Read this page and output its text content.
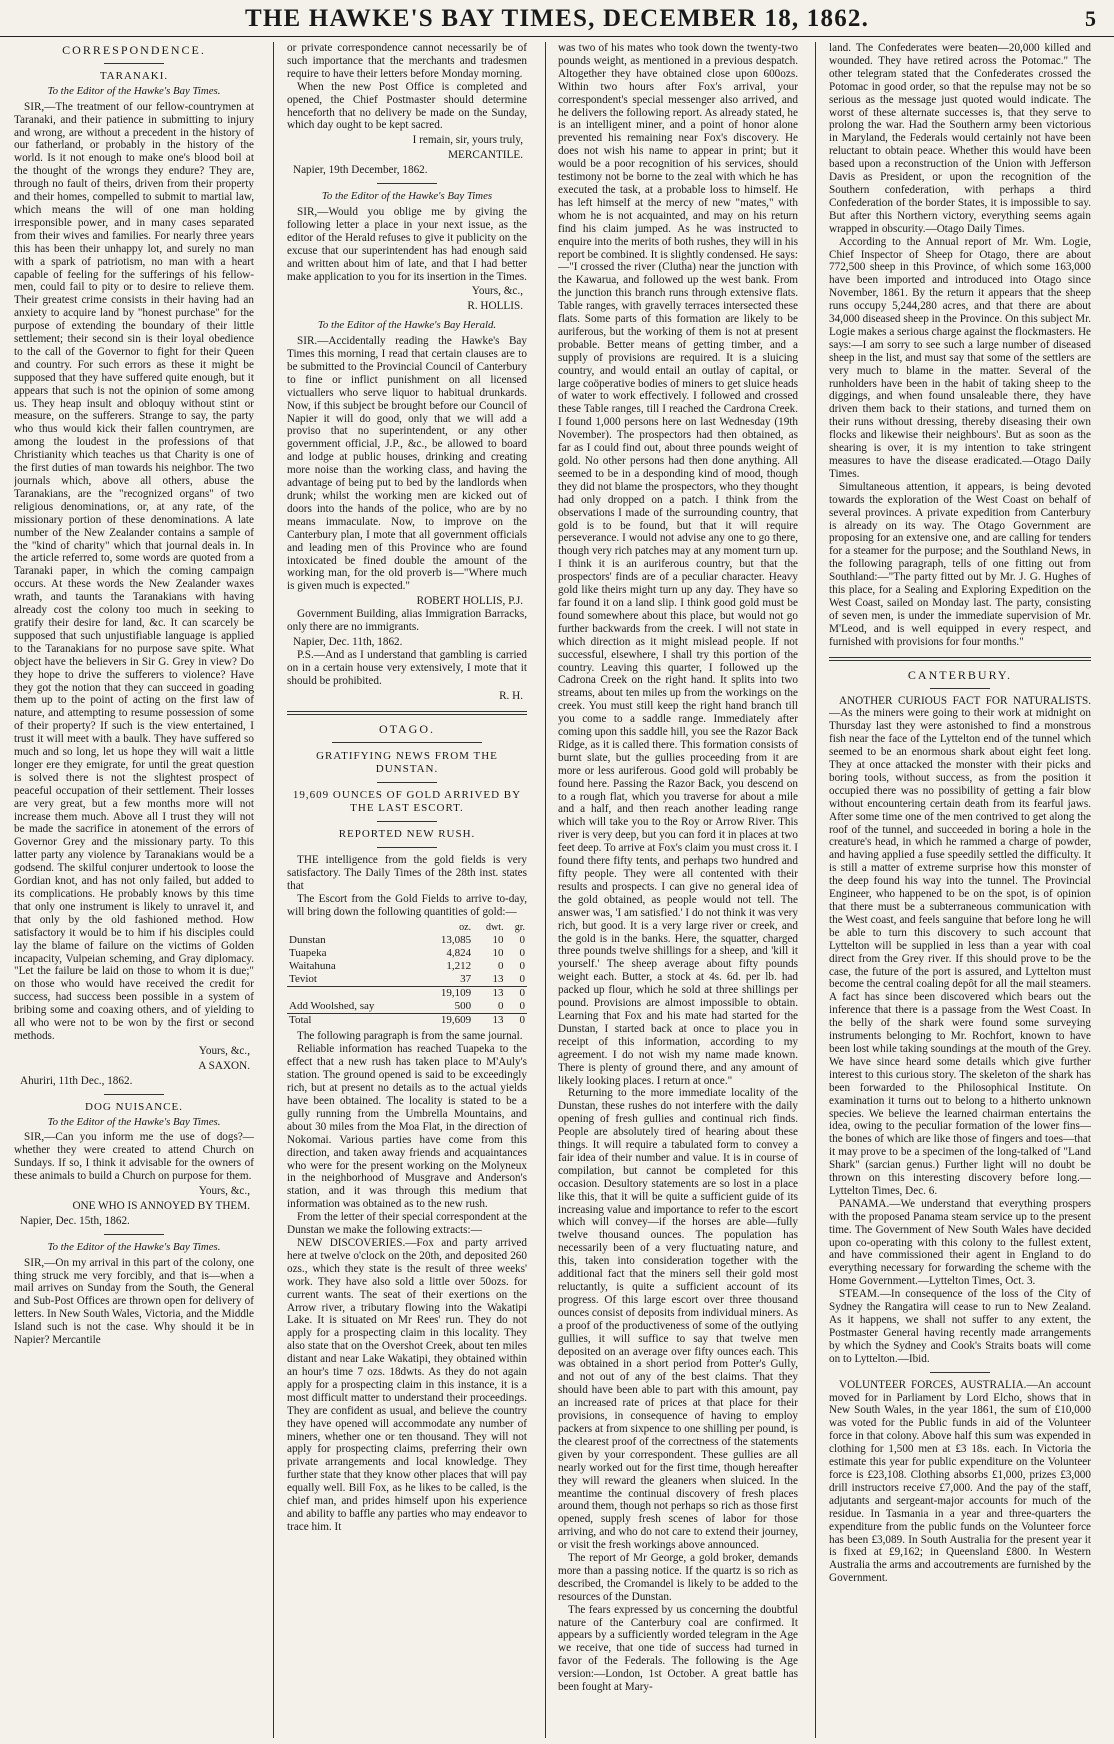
THE HAWKE'S BAY TIMES, DECEMBER 18, 1862.	5
CORRESPONDENCE.
TARANAKI.
To the Editor of the Hawke's Bay Times.

SIR,—The treatment of our fellow-countrymen at Taranaki, and their patience in submitting to injury and wrong, are without a precedent in the history of our fatherland, or probably in the history of the world. Is it not enough to make one's blood boil at the thought of the wrongs they endure? They are, through no fault of theirs, driven from their property and their homes, compelled to submit to martial law, which means the will of one man holding irresponsible power, and in many cases separated from their wives and families. For nearly three years this has been their unhappy lot, and surely no man with a spark of patriotism, no man with a heart capable of feeling for the sufferings of his fellow-men, could fail to pity or to desire to relieve them. Their greatest crime consists in their having had an anxiety to acquire land by "honest purchase" for the purpose of extending the boundary of their little settlement; their second sin is their loyal obedience to the call of the Governor to fight for their Queen and country. For such errors as these it might be supposed that they have suffered quite enough, but it appears that such is not the opinion of some among us. They heap insult and obloquy without stint or measure, on the sufferers. Strange to say, the party who thus would kick their fallen countrymen, are among the loudest in the professions of that Christianity which teaches us that Charity is one of the first duties of man towards his neighbor. The two journals which, above all others, abuse the Taranakians, are the "recognized organs" of two religious denominations, or, at any rate, of the missionary portion of these denominations. A late number of the New Zealander contains a sample of the "kind of charity" which that journal deals in. In the article referred to, some words are quoted from a Taranaki paper, in which the coming campaign occurs. At these words the New Zealander waxes wrath, and taunts the Taranakians with having already cost the colony too much in seeking to gratify their desire for land, &c. It can scarcely be supposed that such unjustifiable language is applied to the Taranakians for no purpose save spite. What object have the believers in Sir G. Grey in view? Do they hope to drive the sufferers to violence? Have they got the notion that they can succeed in goading them up to the point of acting on the first law of nature, and attempting to resume possession of some of their property? If such is the view entertained, I trust it will meet with a baulk. They have suffered so much and so long, let us hope they will wait a little longer ere they emigrate, for until the great question is solved there is not the slightest prospect of peaceful occupation of their settlement. Their losses are very great, but a few months more will not increase them much. Above all I trust they will not be made the sacrifice in atonement of the errors of Governor Grey and the missionary party. To this latter party any violence by Taranakians would be a godsend. The skilful conjurer undertook to loose the Gordian knot, and has not only failed, but added to its complications. He probably knows by this time that only one instrument is likely to unravel it, and that only by the old fashioned method. How satisfactory it would be to him if his disciples could lay the blame of failure on the victims of Golden incapacity, Vulpeian scheming, and Gray diplomacy. "Let the failure be laid on those to whom it is due;" on those who would have received the credit for success, had success been possible in a system of bribing some and coaxing others, and of yielding to all who were not to be won by the first or second methods.

Yours, &c.,
A SAXON.
Ahuriri, 11th Dec., 1862.
DOG NUISANCE.
To the Editor of the Hawke's Bay Times.

SIR,—Can you inform me the use of dogs?—whether they were created to attend Church on Sundays. If so, I think it advisable for the owners of these animals to build a Church on purpose for them.

Yours, &c.,
ONE WHO IS ANNOYED BY THEM.
Napier, Dec. 15th, 1862.
To the Editor of the Hawke's Bay Times.

SIR,—On my arrival in this part of the colony, one thing struck me very forcibly, and that is—when a mail arrives on Sunday from the South, the General and Sub-Post Offices are thrown open for delivery of letters. In New South Wales, Victoria, and the Middle Island such is not the case. Why should it be in Napier? Mercantile

or private correspondence cannot necessarily be of such importance that the merchants and tradesmen require to have their letters before Monday morning.

When the new Post Office is completed and opened, the Chief Postmaster should determine henceforth that no delivery be made on the Sunday, which day ought to be kept sacred.

I remain, sir, yours truly,
MERCANTILE.
Napier, 19th December, 1862.
To the Editor of the Hawke's Bay Times

SIR,—Would you oblige me by giving the following letter a place in your next issue, as the editor of the Herald refuses to give it publicity on the excuse that our superintendent has had enough said and written about him of late, and that I had better make application to you for its insertion in the Times.

Yours, &c.,
R. HOLLIS.
To the Editor of the Hawke's Bay Herald.

SIR.—Accidentally reading the Hawke's Bay Times this morning, I read that certain clauses are to be submitted to the Provincial Council of Canterbury to fine or inflict punishment on all licensed victuallers who serve liquor to habitual drunkards. Now, if this subject be brought before our Council of Napier it will do good, only that we will add a proviso that no superintendent, or any other government official, J.P., &c., be allowed to board and lodge at public houses, drinking and creating more noise than the working class, and having the advantage of being put to bed by the landlords when drunk; whilst the working men are kicked out of doors into the hands of the police, who are by no means immaculate. Now, to improve on the Canterbury plan, I mote that all government officials and leading men of this Province who are found intoxicated be fined double the amount of the working man, for the old proverb is—"Where much is given much is expected."

ROBERT HOLLIS, P.J.

Government Building, alias Immigration Barracks, only there are no immigrants.

Napier, Dec. 11th, 1862.

P.S.—And as I understand that gambling is carried on in a certain house very extensively, I mote that it should be prohibited.

R. H.
OTAGO.
GRATIFYING NEWS FROM THE DUNSTAN.
19,609 OUNCES OF GOLD ARRIVED BY THE LAST ESCORT.
REPORTED NEW RUSH.

THE intelligence from the gold fields is very satisfactory. The Daily Times of the 28th inst. states that

The Escort from the Gold Fields to arrive to-day, will bring down the following quantities of gold:—

	oz.	dwt.	gr.
Dunstan	13,085	10	0
Tuapeka	4,824	10	0
Waitahuna	1,212	0	0
Teviot	37	13	0
	19,109	13	0
Add Woolshed, say	500	0	0
Total	19,609	13	0

The following paragraph is from the same journal.

Reliable information has reached Tuapeka to the effect that a new rush has taken place to M'Auly's station. The ground opened is said to be exceedingly rich, but at present no details as to the actual yields have been obtained. The locality is stated to be a gully running from the Umbrella Mountains, and about 30 miles from the Moa Flat, in the direction of Nokomai. Various parties have come from this direction, and taken away friends and acquaintances who were for the present working on the Molyneux in the neighborhood of Musgrave and Anderson's station, and it was through this medium that information was obtained as to the new rush.

From the letter of their special correspondent at the Dunstan we make the following extracts:—

NEW DISCOVERIES.—Fox and party arrived here at twelve o'clock on the 20th, and deposited 260 ozs., which they state is the result of three weeks' work. They have also sold a little over 50ozs. for current wants. The seat of their exertions on the Arrow river, a tributary flowing into the Wakatipi Lake. It is situated on Mr Rees' run. They do not apply for a prospecting claim in this locality. They also state that on the Overshot Creek, about ten miles distant and near Lake Wakatipi, they obtained within an hour's time 7 ozs. 18dwts. As they do not again apply for a prospecting claim in this instance, it is a most difficult matter to understand their proceedings. They are confident as usual, and believe the country they have opened will accommodate any number of miners, whether one or ten thousand. They will not apply for prospecting claims, preferring their own private arrangements and local knowledge. They further state that they know other places that will pay equally well. Bill Fox, as he likes to be called, is the chief man, and prides himself upon his experience and ability to baffle any parties who may endeavor to trace him. It

was two of his mates who took down the twenty-two pounds weight, as mentioned in a previous despatch. Altogether they have obtained close upon 600ozs. Within two hours after Fox's arrival, your correspondent's special messenger also arrived, and he delivers the following report. As already stated, he is an intelligent miner, and a point of honor alone prevented his remaining near Fox's discovery. He does not wish his name to appear in print; but it would be a poor recognition of his services, should testimony not be borne to the zeal with which he has executed the task, at a probable loss to himself. He has left himself at the mercy of new "mates," with whom he is not acquainted, and may on his return find his claim jumped. As he was instructed to enquire into the merits of both rushes, they will in his report be combined. It is slightly condensed. He says:—"I crossed the river (Clutha) near the junction with the Kawarua, and followed up the west bank. From the junction this branch runs through extensive flats. Table ranges, with gravelly terraces intersected these flats. Some parts of this formation are likely to be auriferous, but the working of them is not at present probable. Better means of getting timber, and a supply of provisions are required. It is a sluicing country, and would entail an outlay of capital, or large coöperative bodies of miners to get sluice heads of water to work effectively. I followed and crossed these Table ranges, till I reached the Cardrona Creek. I found 1,000 persons here on last Wednesday (19th November). The prospectors had then obtained, as far as I could find out, about three pounds weight of gold. No other persons had then done anything. All seemed to be in a desponding kind of mood, though they did not blame the prospectors, who they thought had only dropped on a patch. I think from the observations I made of the surrounding country, that gold is to be found, but that it will require perseverance. I would not advise any one to go there, though very rich patches may at any moment turn up. I think it is an auriferous country, but that the prospectors' finds are of a peculiar character. Heavy gold like theirs might turn up any day. They have so far found it on a land slip. I think good gold must be found somewhere about this place, but would not go further backwards from the creek. I will not state in which direction as it might mislead people. If not successful, elsewhere, I shall try this portion of the country. Leaving this quarter, I followed up the Cadrona Creek on the right hand. It splits into two streams, about ten miles up from the workings on the creek. You must still keep the right hand branch till you come to a saddle range. Immediately after coming upon this saddle hill, you see the Razor Back Ridge, as it is called there. This formation consists of burnt slate, but the gullies proceeding from it are more or less auriferous. Good gold will probably be found here. Passing the Razor Back, you descend on to a rough flat, which you traverse for about a mile and a half, and then reach another leading range which will take you to the Roy or Arrow River. This river is very deep, but you can ford it in places at two feet deep. To arrive at Fox's claim you must cross it. I found there fifty tents, and perhaps two hundred and fifty people. They were all contented with their results and prospects. I can give no general idea of the gold obtained, as people would not tell. The answer was, 'I am satisfied.' I do not think it was very rich, but good. It is a very large river or creek, and the gold is in the banks. Here, the squatter, charged three pounds twelve shillings for a sheep, and 'kill it yourself.' The sheep average about fifty pounds weight each. Butter, a stock at 4s. 6d. per lb. had packed up flour, which he sold at three shillings per pound. Provisions are almost impossible to obtain. Learning that Fox and his mate had started for the Dunstan, I started back at once to place you in receipt of this information, according to my agreement. I do not wish my name made known. There is plenty of ground there, and any amount of likely looking places. I return at once."

Returning to the more immediate locality of the Dunstan, these rushes do not interfere with the daily opening of fresh gullies and continual rich finds. People are absolutely tired of hearing about these things. It will require a tabulated form to convey a fair idea of their number and value. It is in course of compilation, but cannot be completed for this occasion. Desultory statements are so lost in a place like this, that it will be quite a sufficient guide of its increasing value and importance to refer to the escort which will convey—if the horses are able—fully twelve thousand ounces. The population has necessarily been of a very fluctuating nature, and this, taken into consideration together with the additional fact that the miners sell their gold most reluctantly, is quite a sufficient account of its progress. Of this large escort over three thousand ounces consist of deposits from individual miners. As a proof of the productiveness of some of the outlying gullies, it will suffice to say that twelve men deposited on an average over fifty ounces each. This was obtained in a short period from Potter's Gully, and not out of any of the best claims. That they should have been able to part with this amount, pay an increased rate of prices at that place for their provisions, in consequence of having to employ packers at from sixpence to one shilling per pound, is the clearest proof of the correctness of the statements given by your correspondent. These gullies are all nearly worked out for the first time, though hereafter they will reward the gleaners when sluiced. In the meantime the continual discovery of fresh places around them, though not perhaps so rich as those first opened, supply fresh scenes of labor for those arriving, and who do not care to extend their journey, or visit the fresh workings above announced.

The report of Mr George, a gold broker, demands more than a passing notice. If the quartz is so rich as described, the Cromandel is likely to be added to the resources of the Dunstan.

The fears expressed by us concerning the doubtful nature of the Canterbury coal are confirmed. It appears by a sufficiently worded telegram in the Age we receive, that one tide of success had turned in favor of the Federals. The following is the Age version:—London, 1st October. A great battle has been fought at Mary-

land. The Confederates were beaten—20,000 killed and wounded. They have retired across the Potomac." The other telegram stated that the Confederates crossed the Potomac in good order, so that the repulse may not be so serious as the message just quoted would indicate. The worst of these alternate successes is, that they serve to prolong the war. Had the Southern army been victorious in Maryland, the Federals would certainly not have been reluctant to obtain peace. Whether this would have been based upon a reconstruction of the Union with Jefferson Davis as President, or upon the recognition of the Southern confederation, with perhaps a third Confederation of the border States, it is impossible to say. But after this Northern victory, everything seems again wrapped in obscurity.—Otago Daily Times.

According to the Annual report of Mr. Wm. Logie, Chief Inspector of Sheep for Otago, there are about 772,500 sheep in this Province, of which some 163,000 have been imported and introduced into Otago since November, 1861. By the return it appears that the sheep runs occupy 5,244,280 acres, and that there are about 34,000 diseased sheep in the Province. On this subject Mr. Logie makes a serious charge against the flockmasters. He says:—I am sorry to see such a large number of diseased sheep in the list, and must say that some of the settlers are very much to blame in the matter. Several of the runholders have been in the habit of taking sheep to the diggings, and when found unsaleable there, they have driven them back to their stations, and turned them on their runs without dressing, thereby diseasing their own flocks and likewise their neighbours'. But as soon as the shearing is over, it is my intention to take stringent measures to have the disease eradicated.—Otago Daily Times.

Simultaneous attention, it appears, is being devoted towards the exploration of the West Coast on behalf of several provinces. A private expedition from Canterbury is already on its way. The Otago Government are proposing for an extensive one, and are calling for tenders for a steamer for the purpose; and the Southland News, in the following paragraph, tells of one fitting out from Southland:—"The party fitted out by Mr. J. G. Hughes of this place, for a Sealing and Exploring Expedition on the West Coast, sailed on Monday last. The party, consisting of seven men, is under the immediate supervision of Mr. M'Leod, and is well equipped in every respect, and furnished with provisions for four months."

CANTERBURY.

ANOTHER CURIOUS FACT FOR NATURALISTS.—As the miners were going to their work at midnight on Thursday last they were astonished to find a monstrous fish near the face of the Lyttelton end of the tunnel which seemed to be an enormous shark about eight feet long. They at once attacked the monster with their picks and boring tools, without success, as from the position it occupied there was no possibility of getting a fair blow without encountering certain death from its fearful jaws. After some time one of the men contrived to get along the roof of the tunnel, and succeeded in boring a hole in the creature's head, in which he rammed a charge of powder, and having applied a fuse speedily settled the difficulty. It is still a matter of extreme surprise how this monster of the deep found his way into the tunnel. The Provincial Engineer, who happened to be on the spot, is of opinion that there must be a subterraneous communication with the West coast, and feels sanguine that before long he will be able to turn this discovery to such account that Lyttelton will be supplied in less than a year with coal direct from the Grey river. If this should prove to be the case, the future of the port is assured, and Lyttelton must become the central coaling depôt for all the mail steamers. A fact has since been discovered which bears out the inference that there is a passage from the West Coast. In the belly of the shark were found some surveying instruments belonging to Mr. Rochfort, known to have been lost while taking soundings at the mouth of the Grey. We have since heard some details which give further interest to this curious story. The skeleton of the shark has been forwarded to the Philosophical Institute. On examination it turns out to belong to a hitherto unknown species. We believe the learned chairman entertains the idea, owing to the peculiar formation of the lower fins—the bones of which are like those of fingers and toes—that it may prove to be a specimen of the long-talked of "Land Shark" (sarcian genus.) Further light will no doubt be thrown on this interesting discovery before long.—Lyttelton Times, Dec. 6.

PANAMA.—We understand that everything prospers with the proposed Panama steam service up to the present time. The Government of New South Wales have decided upon co-operating with this colony to the fullest extent, and have commissioned their agent in England to do everything necessary for forwarding the scheme with the Home Government.—Lyttelton Times, Oct. 3.

STEAM.—In consequence of the loss of the City of Sydney the Rangatira will cease to run to New Zealand. As it happens, we shall not suffer to any extent, the Postmaster General having recently made arrangements by which the Sydney and Cook's Straits boats will come on to Lyttelton.—Ibid.

VOLUNTEER FORCES, AUSTRALIA.—An account moved for in Parliament by Lord Elcho, shows that in New South Wales, in the year 1861, the sum of £10,000 was voted for the Public funds in aid of the Volunteer force in that colony. Above half this sum was expended in clothing for 1,500 men at £3 18s. each. In Victoria the estimate this year for public expenditure on the Volunteer force is £23,108. Clothing absorbs £1,000, prizes £3,000 drill instructors receive £7,000. And the pay of the staff, adjutants and sergeant-major accounts for much of the residue. In Tasmania in a year and three-quarters the expenditure from the public funds on the Volunteer force has been £3,089. In South Australia for the present year it is fixed at £9,162; in Queensland £800. In Western Australia the arms and accoutrements are furnished by the Government.
